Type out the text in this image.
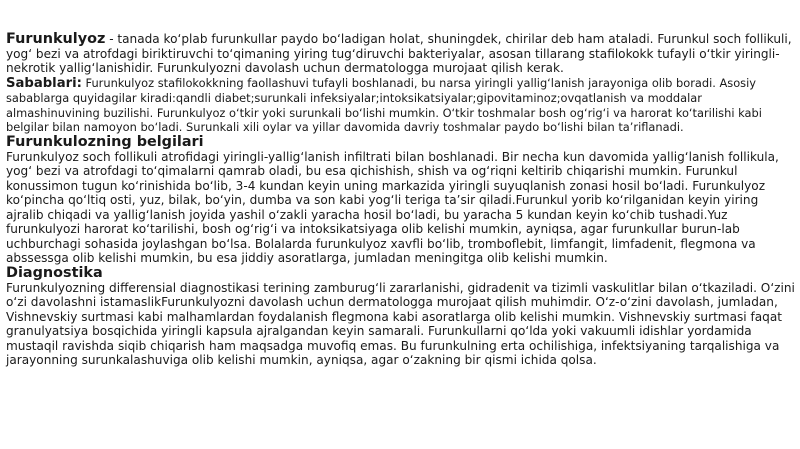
Furunkulyoz - tanada ko‘plab furunkullar paydo bo‘ladigan holat, shuningdek, chirilar deb ham ataladi. Furunkul soch follikuli, yog‘ bezi va atrofdagi biriktiruvchi to‘qimaning yiring tug‘diruvchi bakteriyalar, asosan tillarang stafilokokk tufayli o‘tkir yiringli-nekrotik yallig‘lanishidir. Furunkulyozni davolash uchun dermatologga murojaat qilish kerak.

Sabablari: Furunkulyoz stafilokokkning faollashuvi tufayli boshlanadi, bu narsa yiringli yallig‘lanish jarayoniga olib boradi. Asosiy sabablarga quyidagilar kiradi:qandli diabet;surunkali infeksiyalar;intoksikatsiyalar;gipovitaminoz;ovqatlanish va moddalar almashinuvining buzilishi. Furunkulyoz o‘tkir yoki surunkali bo‘lishi mumkin. O‘tkir toshmalar bosh og‘rig‘i va harorat ko‘tarilishi kabi belgilar bilan namoyon bo‘ladi. Surunkali xili oylar va yillar davomida davriy toshmalar paydo bo‘lishi bilan ta’riflanadi.

Furunkulozning belgilari

Furunkulyoz soch follikuli atrofidagi yiringli-yallig‘lanish infiltrati bilan boshlanadi. Bir necha kun davomida yallig‘lanish follikula, yog‘ bezi va atrofdagi to‘qimalarni qamrab oladi, bu esa qichishish, shish va og‘riqni keltirib chiqarishi mumkin. Furunkul konussimon tugun ko‘rinishida bo‘lib, 3-4 kundan keyin uning markazida yiringli suyuqlanish zonasi hosil bo‘ladi. Furunkulyoz ko‘pincha qo‘ltiq osti, yuz, bilak, bo‘yin, dumba va son kabi yog‘li teriga ta’sir qiladi.Furunkul yorib ko‘rilganidan keyin yiring ajralib chiqadi va yallig‘lanish joyida yashil o‘zakli yaracha hosil bo‘ladi, bu yaracha 5 kundan keyin ko‘chib tushadi.Yuz furunkulyozi harorat ko‘tarilishi, bosh og‘rig‘i va intoksikatsiyaga olib kelishi mumkin, ayniqsa, agar furunkullar burun-lab uchburchagi sohasida joylashgan bo‘lsa. Bolalarda furunkulyoz xavfli bo‘lib, tromboflebit, limfangit, limfadenit, flegmona va abssessga olib kelishi mumkin, bu esa jiddiy asoratlarga, jumladan meningitga olib kelishi mumkin.

Diagnostika

Furunkulyozning differensial diagnostikasi terining zamburug‘li zararlanishi, gidradenit va tizimli vaskulitlar bilan o‘tkaziladi. O‘zini o‘zi davolashni istamaslikFurunkulyozni davolash uchun dermatologga murojaat qilish muhimdir. O‘z-o‘zini davolash, jumladan, Vishnevskiy surtmasi kabi malhamlardan foydalanish flegmona kabi asoratlarga olib kelishi mumkin. Vishnevskiy surtmasi faqat granulyatsiya bosqichida yiringli kapsula ajralgandan keyin samarali. Furunkullarni qo‘lda yoki vakuumli idishlar yordamida mustaqil ravishda siqib chiqarish ham maqsadga muvofiq emas. Bu furunkulning erta ochilishiga, infektsiyaning tarqalishiga va jarayonning surunkalashuviga olib kelishi mumkin, ayniqsa, agar o‘zakning bir qismi ichida qolsa.
